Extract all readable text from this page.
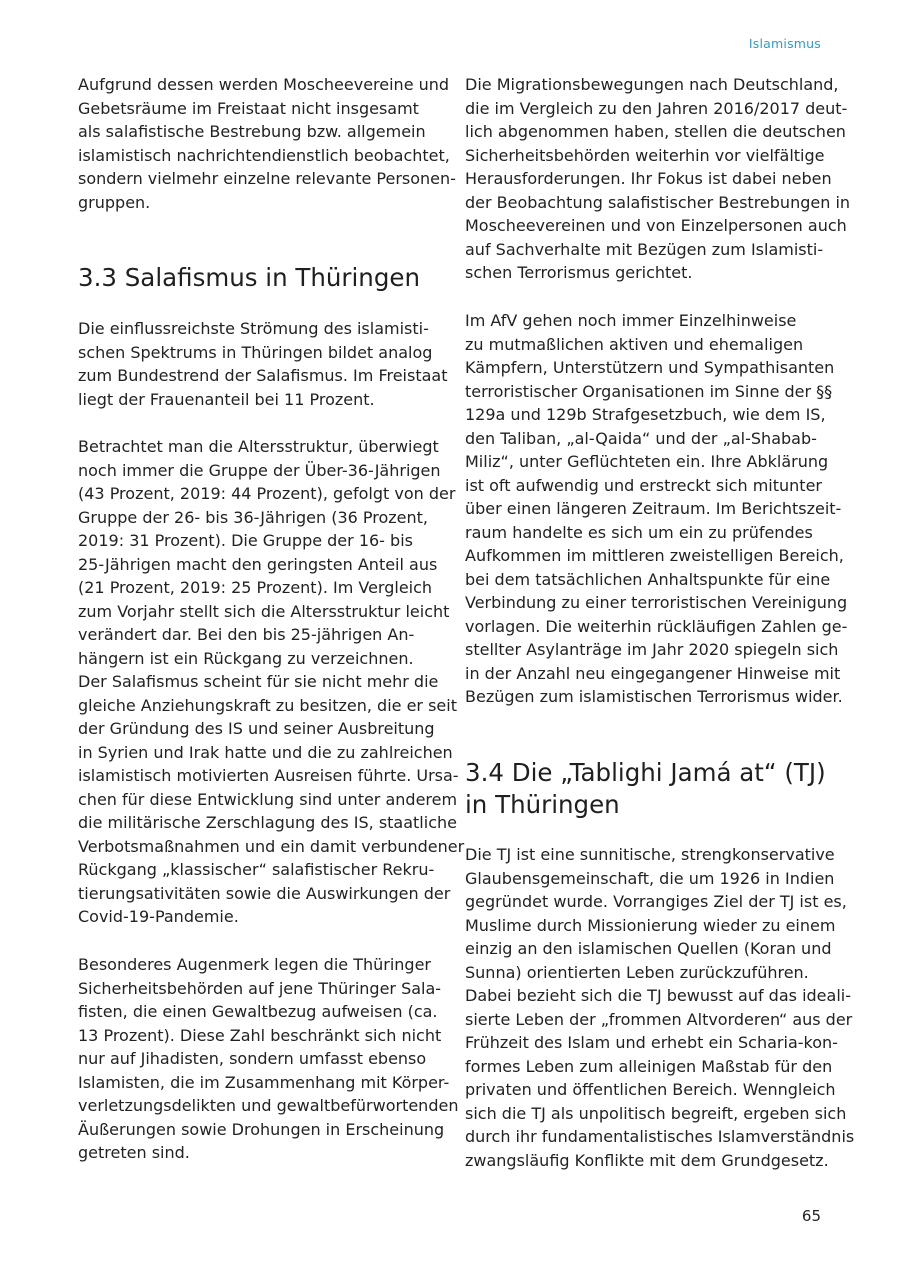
Islamismus
Aufgrund dessen werden Moscheevereine und
Gebetsräume im Freistaat nicht insgesamt
als salafistische Bestrebung bzw. allgemein
islamistisch nachrichtendienstlich beobachtet,
sondern vielmehr einzelne relevante Personen-
gruppen.
3.3 Salafismus in Thüringen
Die einflussreichste Strömung des islamisti-
schen Spektrums in Thüringen bildet analog
zum Bundestrend der Salafismus. Im Freistaat
liegt der Frauenanteil bei 11 Prozent.
Betrachtet man die Altersstruktur, überwiegt
noch immer die Gruppe der Über-36-Jährigen
(43 Prozent, 2019: 44 Prozent), gefolgt von der
Gruppe der 26- bis 36-Jährigen (36 Prozent,
2019: 31 Prozent). Die Gruppe der 16- bis
25-Jährigen macht den geringsten Anteil aus
(21 Prozent, 2019: 25 Prozent). Im Vergleich
zum Vorjahr stellt sich die Altersstruktur leicht
verändert dar. Bei den bis 25-jährigen An-
hängern ist ein Rückgang zu verzeichnen.
Der Salafismus scheint für sie nicht mehr die
gleiche Anziehungskraft zu besitzen, die er seit
der Gründung des IS und seiner Ausbreitung
in Syrien und Irak hatte und die zu zahlreichen
islamistisch motivierten Ausreisen führte. Ursa-
chen für diese Entwicklung sind unter anderem
die militärische Zerschlagung des IS, staatliche
Verbotsmaßnahmen und ein damit verbundener
Rückgang „klassischer“ salafistischer Rekru-
tierungsativitäten sowie die Auswirkungen der
Covid-19-Pandemie.
Besonderes Augenmerk legen die Thüringer
Sicherheitsbehörden auf jene Thüringer Sala-
fisten, die einen Gewaltbezug aufweisen (ca.
13 Prozent). Diese Zahl beschränkt sich nicht
nur auf Jihadisten, sondern umfasst ebenso
Islamisten, die im Zusammenhang mit Körper-
verletzungsdelikten und gewaltbefürwortenden
Äußerungen sowie Drohungen in Erscheinung
getreten sind.
Die Migrationsbewegungen nach Deutschland,
die im Vergleich zu den Jahren 2016/2017 deut-
lich abgenommen haben, stellen die deutschen
Sicherheitsbehörden weiterhin vor vielfältige
Herausforderungen. Ihr Fokus ist dabei neben
der Beobachtung salafistischer Bestrebungen in
Moscheevereinen und von Einzelpersonen auch
auf Sachverhalte mit Bezügen zum Islamisti-
schen Terrorismus gerichtet.
Im AfV gehen noch immer Einzelhinweise
zu mutmaßlichen aktiven und ehemaligen
Kämpfern, Unterstützern und Sympathisanten
terroristischer Organisationen im Sinne der §§
129a und 129b Strafgesetzbuch, wie dem IS,
den Taliban, „al-Qaida“ und der „al-Shabab-
Miliz“, unter Geflüchteten ein. Ihre Abklärung
ist oft aufwendig und erstreckt sich mitunter
über einen längeren Zeitraum. Im Berichtszeit-
raum handelte es sich um ein zu prüfendes
Aufkommen im mittleren zweistelligen Bereich,
bei dem tatsächlichen Anhaltspunkte für eine
Verbindung zu einer terroristischen Vereinigung
vorlagen. Die weiterhin rückläufigen Zahlen ge-
stellter Asylanträge im Jahr 2020 spiegeln sich
in der Anzahl neu eingegangener Hinweise mit
Bezügen zum islamistischen Terrorismus wider.
3.4 Die „Tablighi Jamá at“ (TJ)
in Thüringen
Die TJ ist eine sunnitische, strengkonservative
Glaubensgemeinschaft, die um 1926 in Indien
gegründet wurde. Vorrangiges Ziel der TJ ist es,
Muslime durch Missionierung wieder zu einem
einzig an den islamischen Quellen (Koran und
Sunna) orientierten Leben zurückzuführen.
Dabei bezieht sich die TJ bewusst auf das ideali-
sierte Leben der „frommen Altvorderen“ aus der
Frühzeit des Islam und erhebt ein Scharia-kon-
formes Leben zum alleinigen Maßstab für den
privaten und öffentlichen Bereich. Wenngleich
sich die TJ als unpolitisch begreift, ergeben sich
durch ihr fundamentalistisches Islamverständnis
zwangsläufig Konflikte mit dem Grundgesetz.
65
